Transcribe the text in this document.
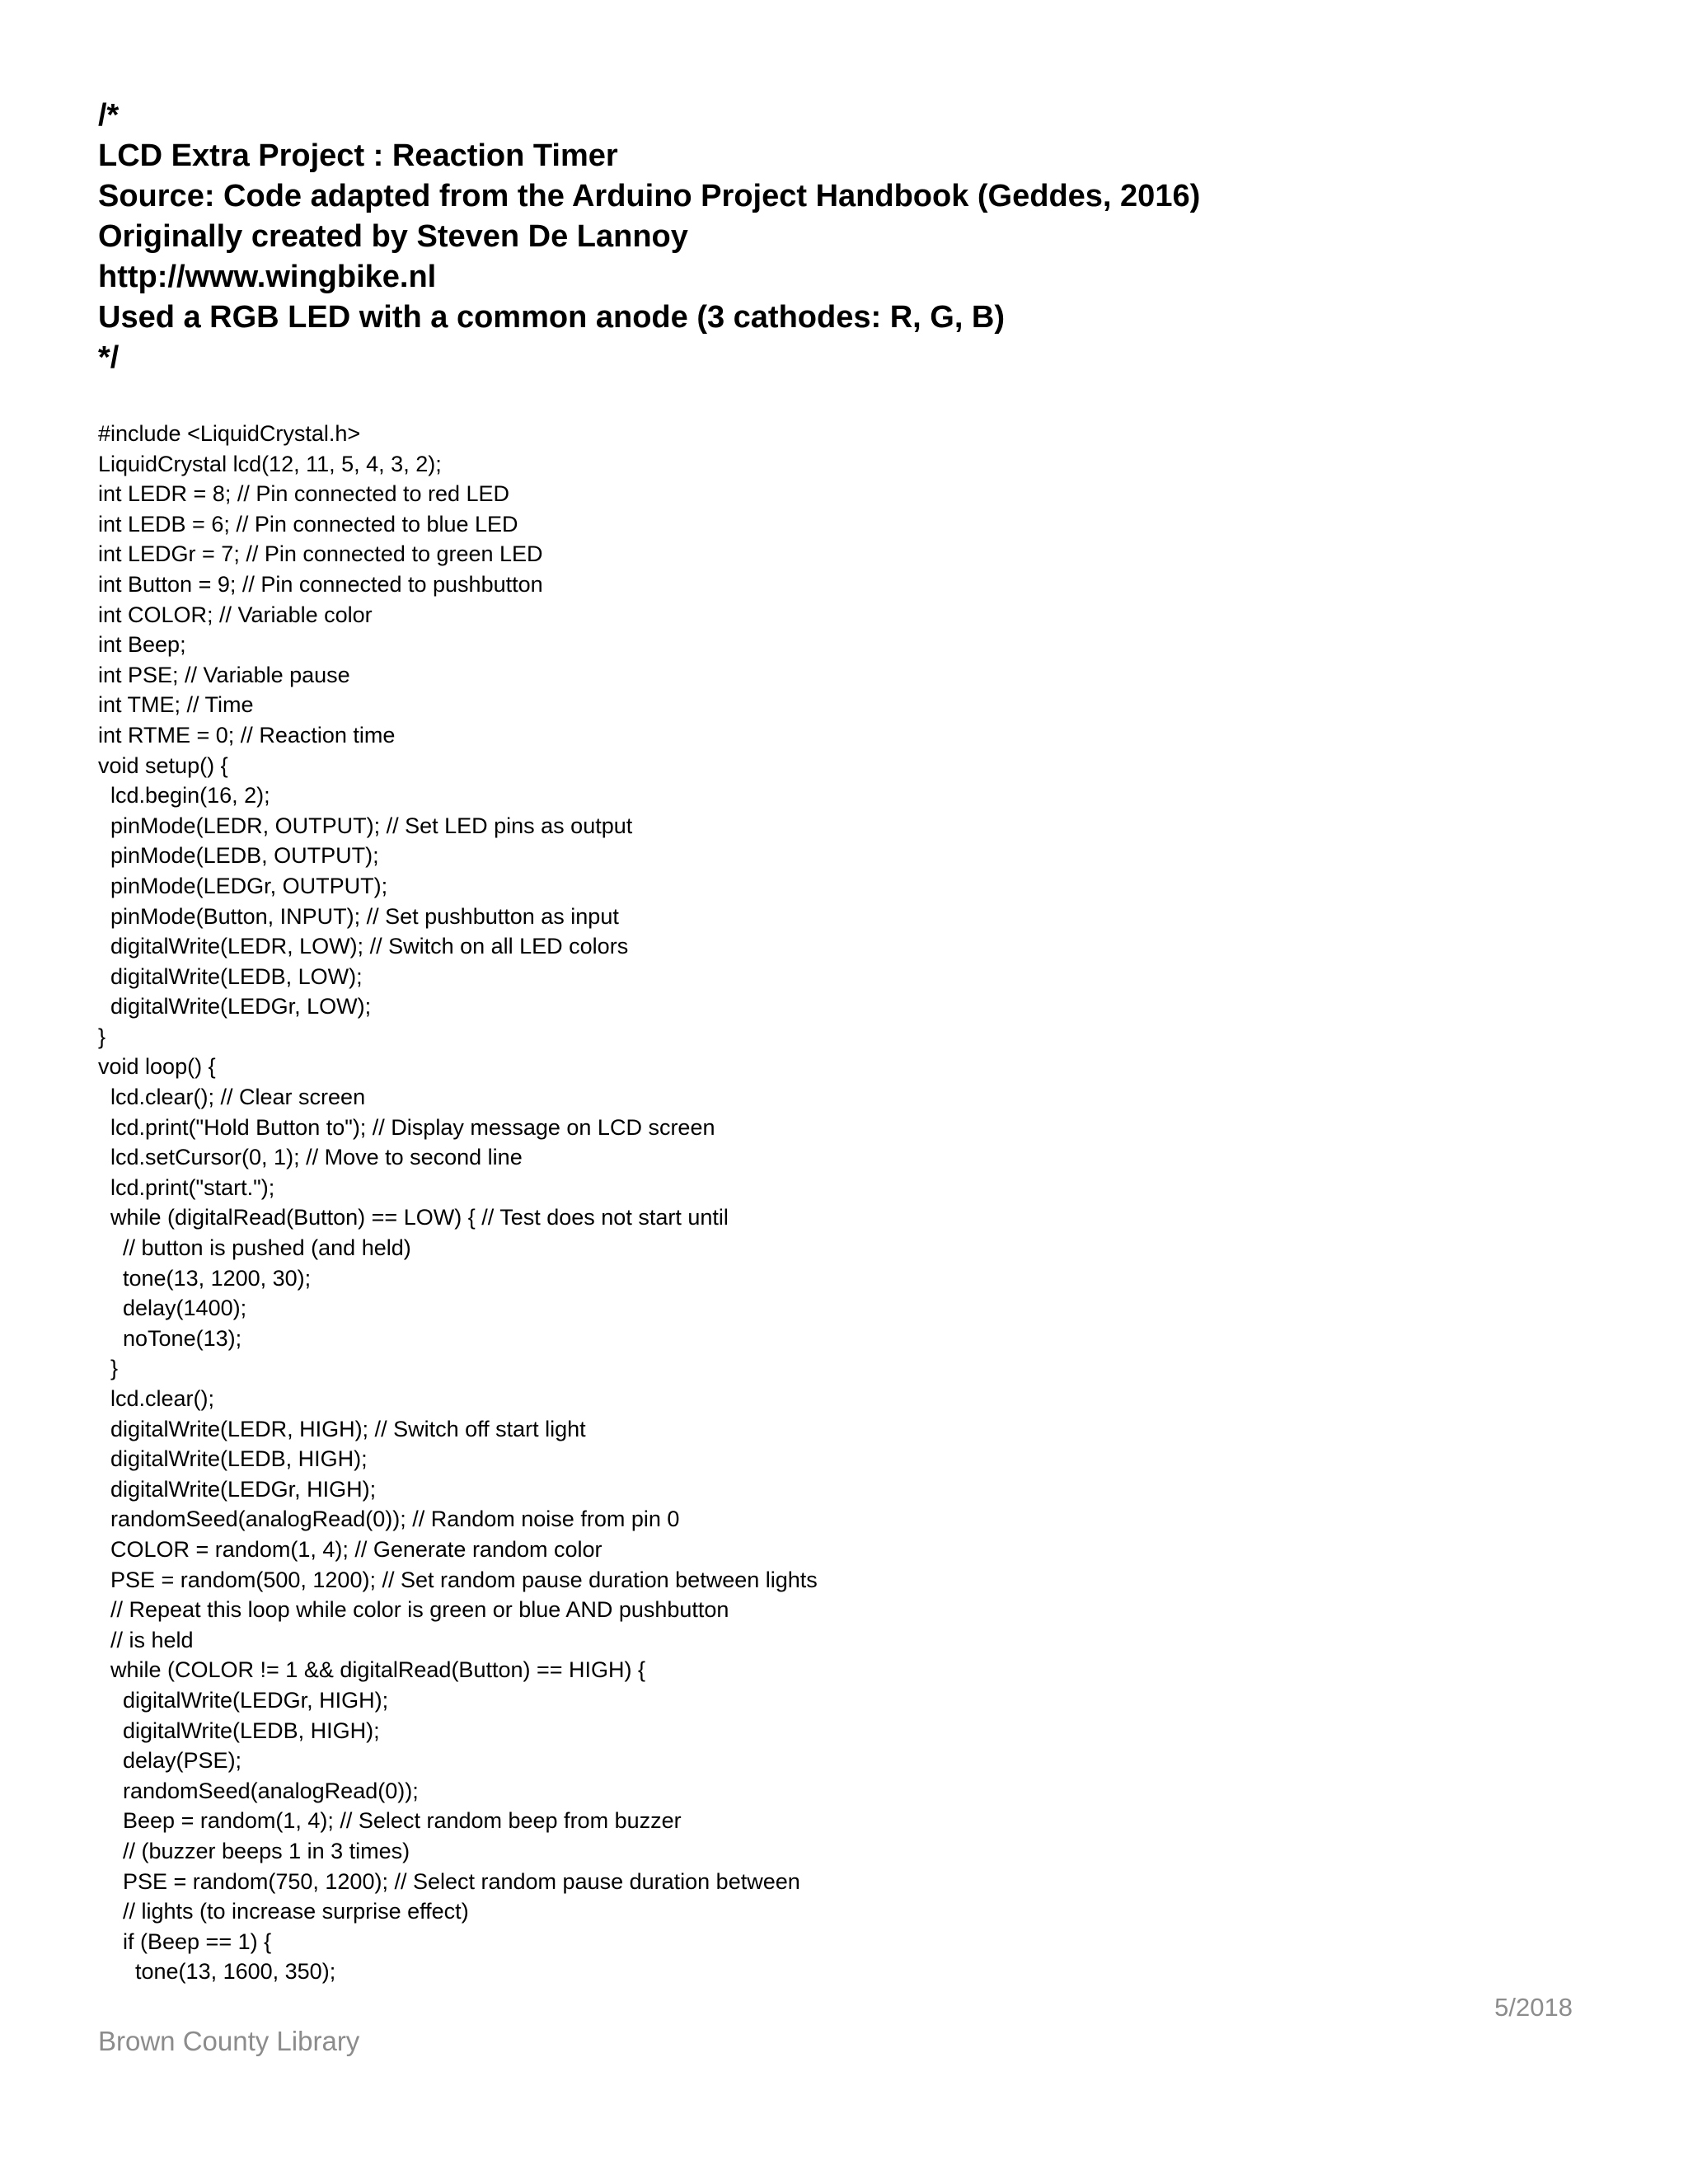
/*
LCD Extra Project : Reaction Timer
Source: Code adapted from the Arduino Project Handbook (Geddes, 2016)
Originally created by Steven De Lannoy
http://www.wingbike.nl
Used a RGB LED with a common anode (3 cathodes: R, G, B)
*/
#include <LiquidCrystal.h>
LiquidCrystal lcd(12, 11, 5, 4, 3, 2);
int LEDR = 8; // Pin connected to red LED
int LEDB = 6; // Pin connected to blue LED
int LEDGr = 7; // Pin connected to green LED
int Button = 9; // Pin connected to pushbutton
int COLOR; // Variable color
int Beep;
int PSE; // Variable pause
int TME; // Time
int RTME = 0; // Reaction time
void setup() {
lcd.begin(16, 2);
pinMode(LEDR, OUTPUT); // Set LED pins as output
pinMode(LEDB, OUTPUT);
pinMode(LEDGr, OUTPUT);
pinMode(Button, INPUT); // Set pushbutton as input
digitalWrite(LEDR, LOW); // Switch on all LED colors
digitalWrite(LEDB, LOW);
digitalWrite(LEDGr, LOW);
}
void loop() {
lcd.clear(); // Clear screen
lcd.print("Hold Button to"); // Display message on LCD screen
lcd.setCursor(0, 1); // Move to second line
lcd.print("start.");
while (digitalRead(Button) == LOW) { // Test does not start until
// button is pushed (and held)
tone(13, 1200, 30);
delay(1400);
noTone(13);
}
lcd.clear();
digitalWrite(LEDR, HIGH); // Switch off start light
digitalWrite(LEDB, HIGH);
digitalWrite(LEDGr, HIGH);
randomSeed(analogRead(0)); // Random noise from pin 0
COLOR = random(1, 4); // Generate random color
PSE = random(500, 1200); // Set random pause duration between lights
// Repeat this loop while color is green or blue AND pushbutton
// is held
while (COLOR != 1 && digitalRead(Button) == HIGH) {
digitalWrite(LEDGr, HIGH);
digitalWrite(LEDB, HIGH);
delay(PSE);
randomSeed(analogRead(0));
Beep = random(1, 4); // Select random beep from buzzer
// (buzzer beeps 1 in 3 times)
PSE = random(750, 1200); // Select random pause duration between
// lights (to increase surprise effect)
if (Beep == 1) {
tone(13, 1600, 350);
5/2018
Brown County Library
